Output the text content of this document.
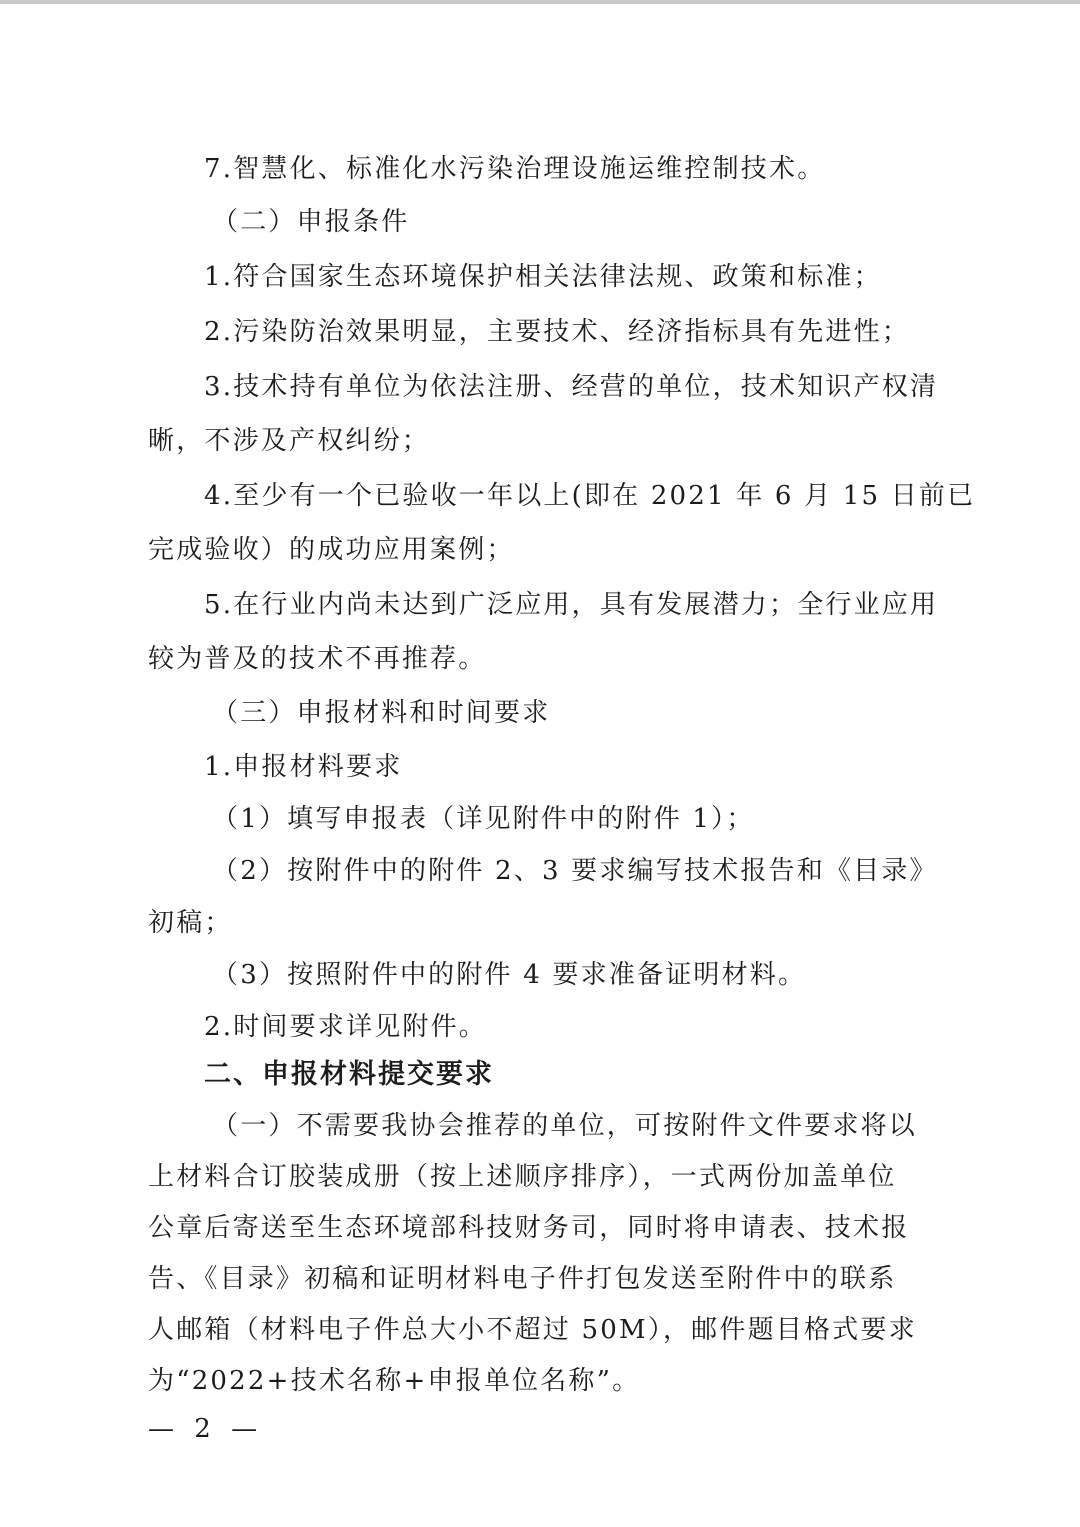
7.智慧化、标准化水污染治理设施运维控制技术。
（二）申报条件
1.符合国家生态环境保护相关法律法规、政策和标准；
2.污染防治效果明显，主要技术、经济指标具有先进性；
3.技术持有单位为依法注册、经营的单位，技术知识产权清
晰，不涉及产权纠纷；
4.至少有一个已验收一年以上(即在 2021 年 6 月 15 日前已
完成验收）的成功应用案例；
5.在行业内尚未达到广泛应用，具有发展潜力；全行业应用
较为普及的技术不再推荐。
（三）申报材料和时间要求
1.申报材料要求
（1）填写申报表（详见附件中的附件 1）；
（2）按附件中的附件 2、3 要求编写技术报告和《目录》
初稿；
（3）按照附件中的附件 4 要求准备证明材料。
2.时间要求详见附件。
二、申报材料提交要求
（一）不需要我协会推荐的单位，可按附件文件要求将以
上材料合订胶装成册（按上述顺序排序），一式两份加盖单位
公章后寄送至生态环境部科技财务司，同时将申请表、技术报
告、《目录》初稿和证明材料电子件打包发送至附件中的联系
人邮箱（材料电子件总大小不超过 50M），邮件题目格式要求
为“2022+技术名称+申报单位名称”。
— 2 —
